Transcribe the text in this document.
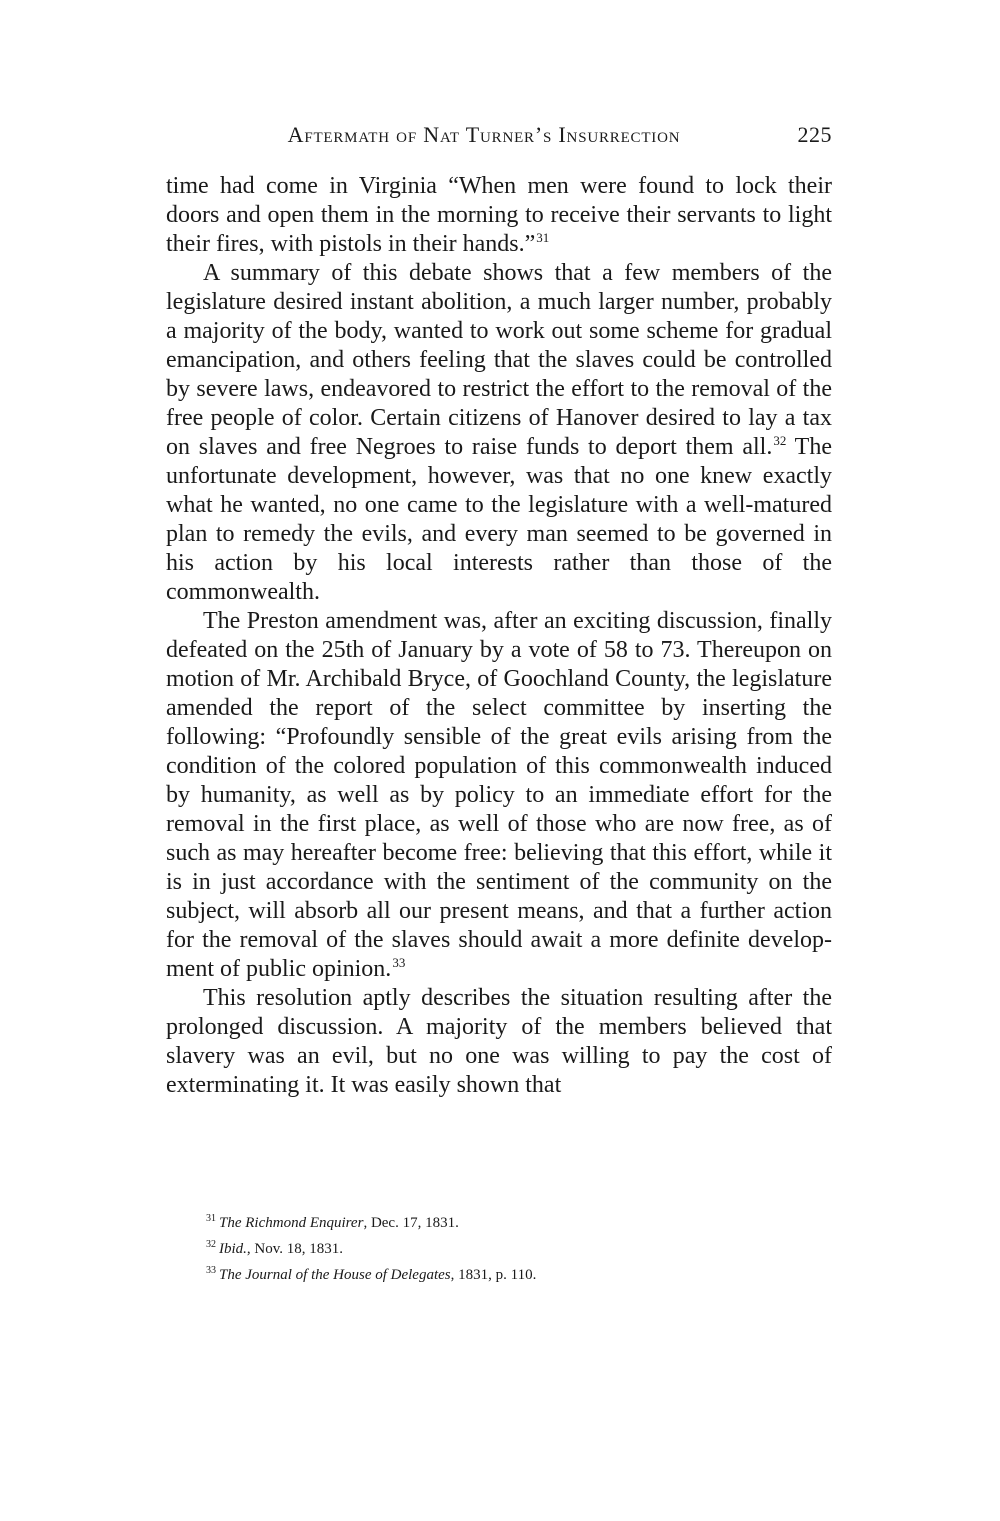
Aftermath of Nat Turner’s Insurrection	225

time had come in Virginia “When men were found to lock their doors and open them in the morning to receive their servants to light their fires, with pistols in their hands.”$^{31}$

A summary of this debate shows that a few members of the legislature desired instant abolition, a much larger number, probably a majority of the body, wanted to work out some scheme for gradual emancipation, and others feeling that the slaves could be controlled by severe laws, endeavored to restrict the effort to the removal of the free people of color. Certain citizens of Hanover desired to lay a tax on slaves and free Negroes to raise funds to deport them all.$^{32}$ The unfortunate development, however, was that no one knew exactly what he wanted, no one came to the legislature with a well-matured plan to remedy the evils, and every man seemed to be governed in his action by his local interests rather than those of the commonwealth.

The Preston amendment was, after an exciting discussion, finally defeated on the 25th of January by a vote of 58 to 73. Thereupon on motion of Mr. Archibald Bryce, of Goochland County, the legislature amended the report of the select committee by inserting the following: “Profoundly sensible of the great evils arising from the condition of the colored population of this commonwealth induced by humanity, as well as by policy to an immediate effort for the removal in the first place, as well of those who are now free, as of such as may hereafter become free: believing that this effort, while it is in just accordance with the sentiment of the community on the subject, will absorb all our present means, and that a further action for the removal of the slaves should await a more definite development of public opinion.$^{33}$

This resolution aptly describes the situation resulting after the prolonged discussion. A majority of the members believed that slavery was an evil, but no one was willing to pay the cost of exterminating it. It was easily shown that

$^{31}$ The Richmond Enquirer, Dec. 17, 1831.

$^{32}$ Ibid., Nov. 18, 1831.

$^{33}$ The Journal of the House of Delegates, 1831, p. 110.
